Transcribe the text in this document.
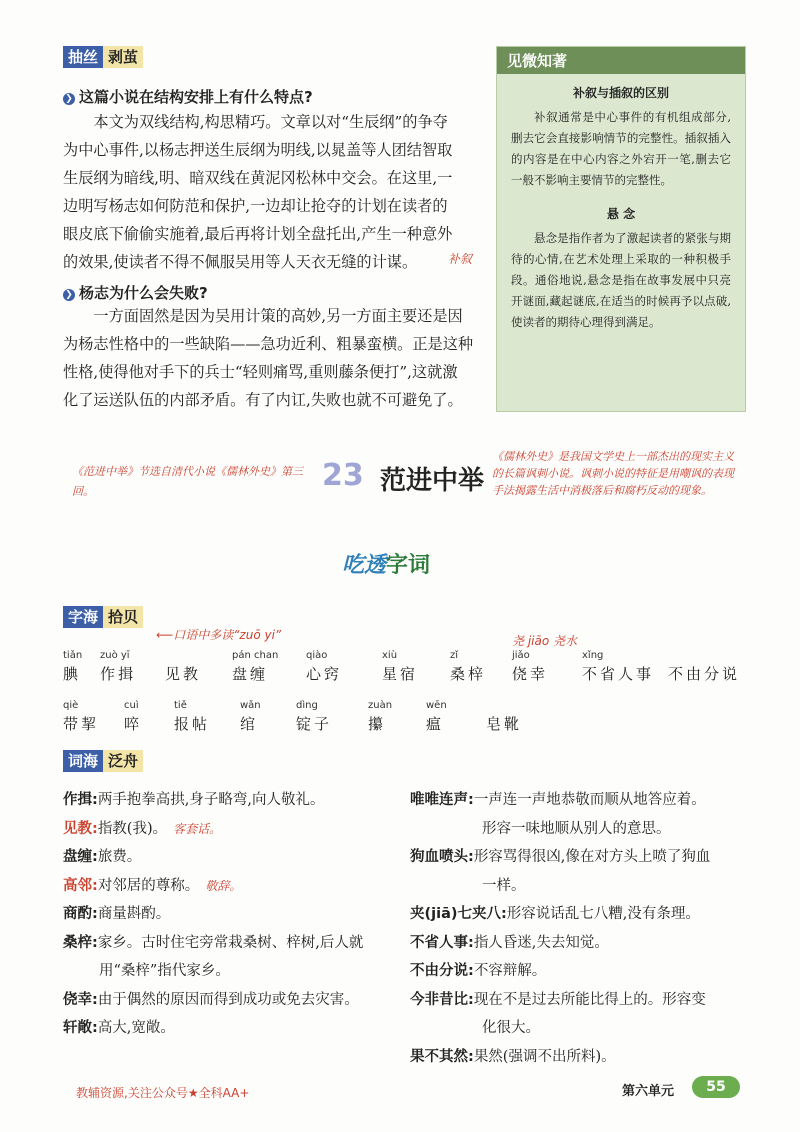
抽丝 剥茧
❯ 这篇小说在结构安排上有什么特点?
本文为双线结构,构思精巧。文章以对“生辰纲”的争夺
为中心事件,以杨志押送生辰纲为明线,以晁盖等人团结智取
生辰纲为暗线,明、暗双线在黄泥冈松林中交会。在这里,一
边明写杨志如何防范和保护,一边却让抢夺的计划在读者的
眼皮底下偷偷实施着,最后再将计划全盘托出,产生一种意外
的效果,使读者不得不佩服吴用等人天衣无缝的计谋。	补叙
❯ 杨志为什么会失败?
一方面固然是因为吴用计策的高妙,另一方面主要还是因
为杨志性格中的一些缺陷——急功近利、粗暴蛮横。正是这种
性格,使得他对手下的兵士“轻则痛骂,重则藤条便打”,这就激
化了运送队伍的内部矛盾。有了内讧,失败也就不可避免了。
见微知著
补叙与插叙的区别
补叙通常是中心事件的有机组成部分,删去它会直接影响情节的完整性。插叙插入的内容是在中心内容之外宕开一笔,删去它一般不影响主要情节的完整性。
悬 念
悬念是指作者为了激起读者的紧张与期待的心情,在艺术处理上采取的一种积极手段。通俗地说,悬念是指在故事发展中只亮开谜面,藏起谜底,在适当的时候再予以点破,使读者的期待心理得到满足。
《范进中举》节选自清代小说《儒林外史》第三回。	23 范进中举
《儒林外史》是我国文学史上一部杰出的现实主义的长篇讽刺小说。讽刺小说的特征是用嘲讽的表现手法揭露生活中消极落后和腐朽反动的现象。
吃透字词
字海 拾贝
⟵口语中多读“zuō yi”	尧 jiāo 尧水
tiǎn
腆
zuò yī
作揖 见教
pán chan
盘缠
qiào
心窍
xiù
星宿
zǐ
桑梓
jiǎo
侥幸
xǐng
不省人事 不由分说
qiè
带挈
cuì
啐
tiě
报帖
wǎn
绾
dìng
锭子
zuàn
攥
wēn
瘟	皂靴
词海 泛舟
作揖:两手抱拳高拱,身子略弯,向人敬礼。
见教:指教(我)。 客套话。
盘缠:旅费。
高邻:对邻居的尊称。 敬辞。
商酌:商量斟酌。
桑梓:家乡。古时住宅旁常栽桑树、梓树,后人就
用“桑梓”指代家乡。
侥幸:由于偶然的原因而得到成功或免去灾害。
轩敞:高大,宽敞。
唯唯连声:一声连一声地恭敬而顺从地答应着。
形容一味地顺从别人的意思。
狗血喷头:形容骂得很凶,像在对方头上喷了狗血
一样。
夹(jiā)七夹八:形容说话乱七八糟,没有条理。
不省人事:指人昏迷,失去知觉。
不由分说:不容辩解。
今非昔比:现在不是过去所能比得上的。形容变
化很大。
果不其然:果然(强调不出所料)。
教辅资源,关注公众号★全科AA+	第六单元	55
